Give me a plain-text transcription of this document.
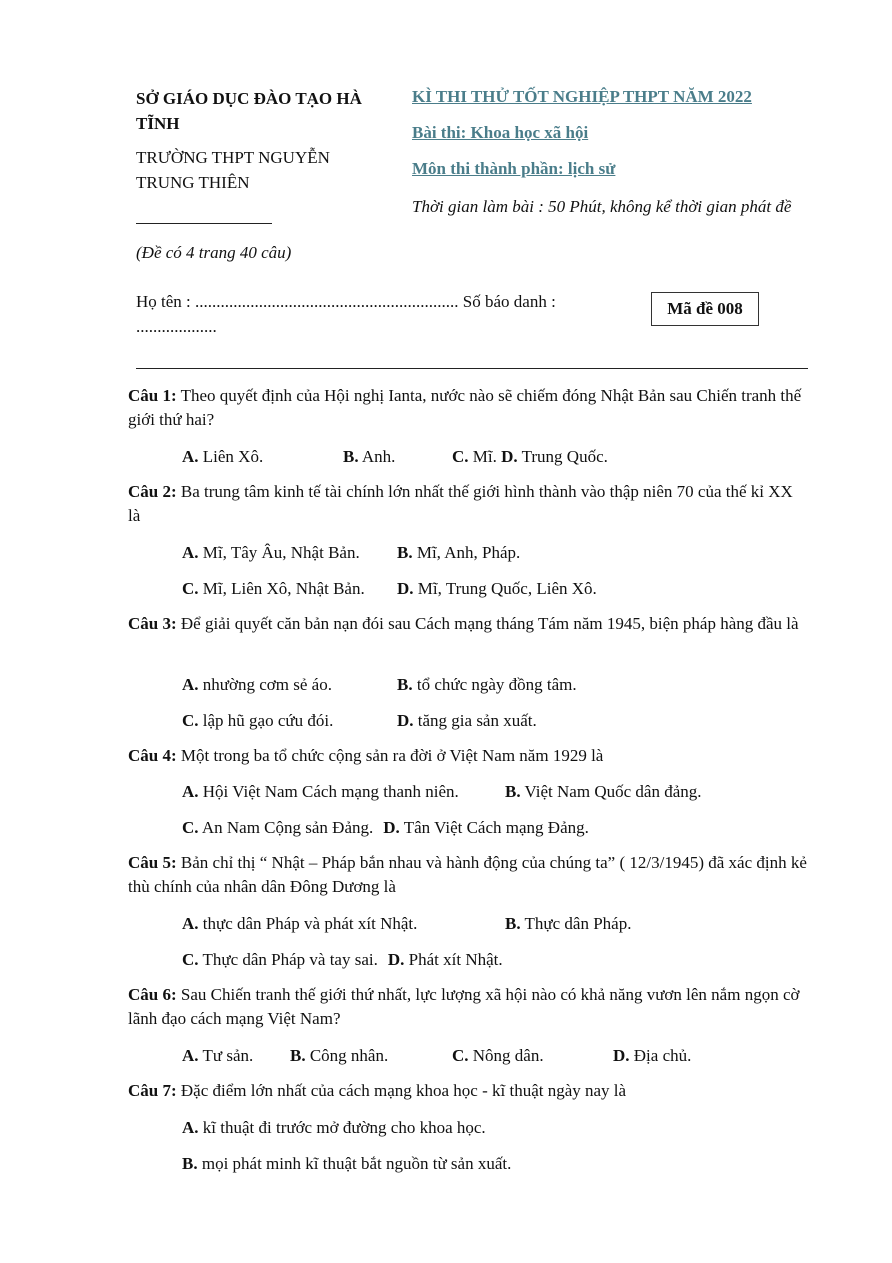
SỞ GIÁO DỤC ĐÀO TẠO HÀ TĨNH
TRƯỜNG THPT NGUYỄN TRUNG THIÊN
(Đề có 4 trang 40 câu)
KÌ THI THỬ TỐT NGHIỆP THPT NĂM 2022
Bài thi: Khoa học xã hội
Môn thi thành phần: lịch sử
Thời gian làm bài : 50 Phút, không kể thời gian phát đề
Họ tên : .............................................................. Số báo danh : ...................
Mã đề 008
Câu 1: Theo quyết định của Hội nghị Ianta, nước nào sẽ chiếm đóng Nhật Bản sau Chiến tranh thế giới thứ hai?
A. Liên Xô.	B. Anh.	C. Mĩ. D. Trung Quốc.
Câu 2: Ba trung tâm kinh tế tài chính lớn nhất thế giới hình thành vào thập niên 70 của thế kỉ XX là
A. Mĩ, Tây Âu, Nhật Bản. B. Mĩ, Anh, Pháp.
C. Mĩ, Liên Xô, Nhật Bản. D. Mĩ, Trung Quốc, Liên Xô.
Câu 3: Để giải quyết căn bản nạn đói sau Cách mạng tháng Tám năm 1945, biện pháp hàng đầu là
A. nhường cơm sẻ áo.	B. tổ chức ngày đồng tâm.
C. lập hũ gạo cứu đói.	D. tăng gia sản xuất.
Câu 4: Một trong ba tổ chức cộng sản ra đời ở Việt Nam năm 1929 là
A. Hội Việt Nam Cách mạng thanh niên.	B. Việt Nam Quốc dân đảng.
C. An Nam Cộng sản Đảng. D. Tân Việt Cách mạng Đảng.
Câu 5: Bản chỉ thị “ Nhật – Pháp bắn nhau và hành động của chúng ta” ( 12/3/1945) đã xác định kẻ thù chính của nhân dân Đông Dương là
A. thực dân Pháp và phát xít Nhật.	B. Thực dân Pháp.
C. Thực dân Pháp và tay sai. D. Phát xít Nhật.
Câu 6: Sau Chiến tranh thế giới thứ nhất, lực lượng xã hội nào có khả năng vươn lên nắm ngọn cờ lãnh đạo cách mạng Việt Nam?
A. Tư sản. B. Công nhân.	C. Nông dân.	D. Địa chủ.
Câu 7: Đặc điểm lớn nhất của cách mạng khoa học - kĩ thuật ngày nay là
A. kĩ thuật đi trước mở đường cho khoa học.
B. mọi phát minh kĩ thuật bắt nguồn từ sản xuất.
